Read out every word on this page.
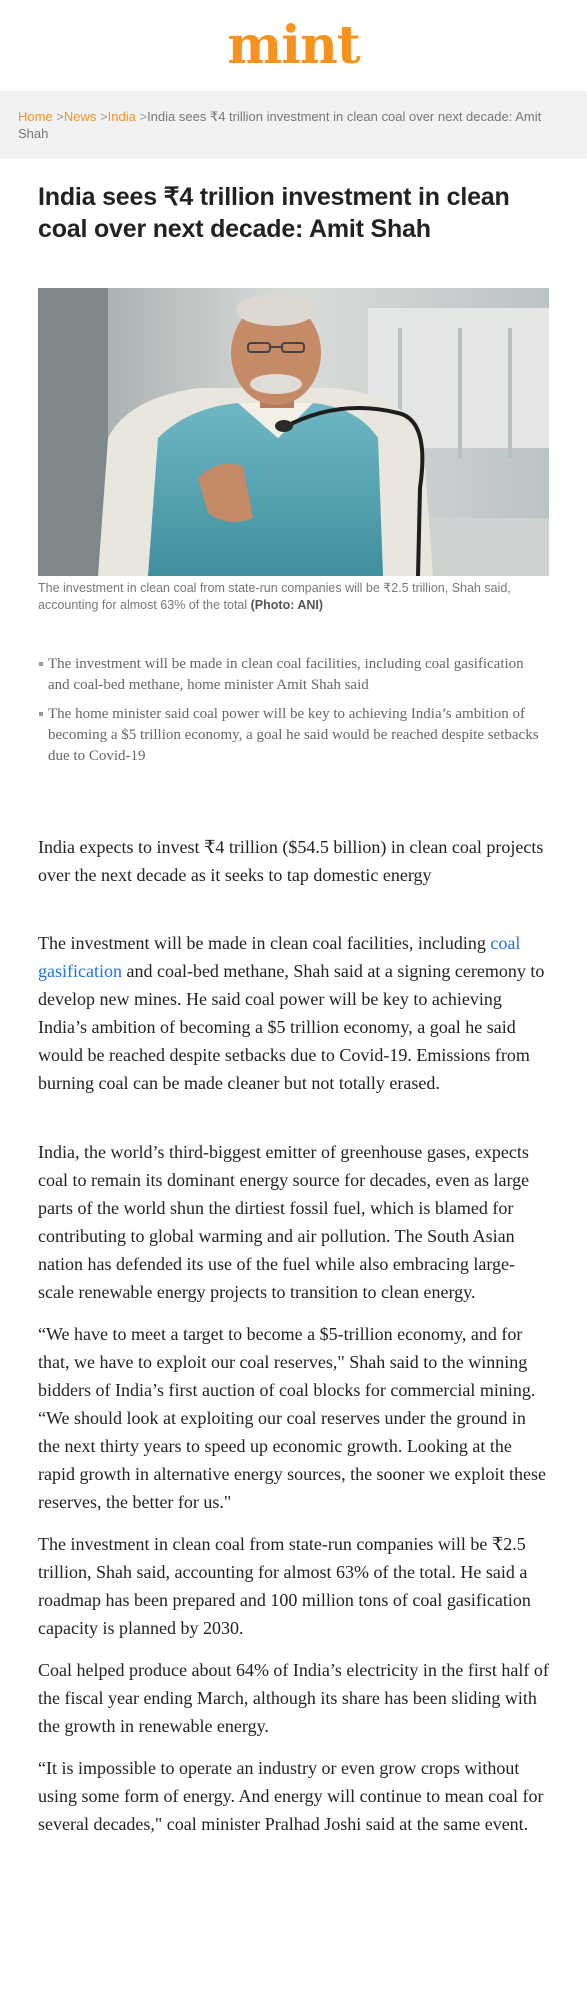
mint
Home >News >India >India sees ₹4 trillion investment in clean coal over next decade: Amit Shah
India sees ₹4 trillion investment in clean coal over next decade: Amit Shah
The investment in clean coal from state-run companies will be ₹2.5 trillion, Shah said, accounting for almost 63% of the total (Photo: ANI)
The investment will be made in clean coal facilities, including coal gasification and coal-bed methane, home minister Amit Shah said
The home minister said coal power will be key to achieving India’s ambition of becoming a $5 trillion economy, a goal he said would be reached despite setbacks due to Covid-19

India expects to invest ₹4 trillion ($54.5 billion) in clean coal projects over the next decade as it seeks to tap domestic energy

The investment will be made in clean coal facilities, including coal gasification and coal-bed methane, Shah said at a signing ceremony to develop new mines. He said coal power will be key to achieving India’s ambition of becoming a $5 trillion economy, a goal he said would be reached despite setbacks due to Covid-19. Emissions from burning coal can be made cleaner but not totally erased.

India, the world’s third-biggest emitter of greenhouse gases, expects coal to remain its dominant energy source for decades, even as large parts of the world shun the dirtiest fossil fuel, which is blamed for contributing to global warming and air pollution. The South Asian nation has defended its use of the fuel while also embracing large-scale renewable energy projects to transition to clean energy.

“We have to meet a target to become a $5-trillion economy, and for that, we have to exploit our coal reserves," Shah said to the winning bidders of India’s first auction of coal blocks for commercial mining. “We should look at exploiting our coal reserves under the ground in the next thirty years to speed up economic growth. Looking at the rapid growth in alternative energy sources, the sooner we exploit these reserves, the better for us."

The investment in clean coal from state-run companies will be ₹2.5 trillion, Shah said, accounting for almost 63% of the total. He said a roadmap has been prepared and 100 million tons of coal gasification capacity is planned by 2030.

Coal helped produce about 64% of India’s electricity in the first half of the fiscal year ending March, although its share has been sliding with the growth in renewable energy.

“It is impossible to operate an industry or even grow crops without using some form of energy. And energy will continue to mean coal for several decades," coal minister Pralhad Joshi said at the same event.
